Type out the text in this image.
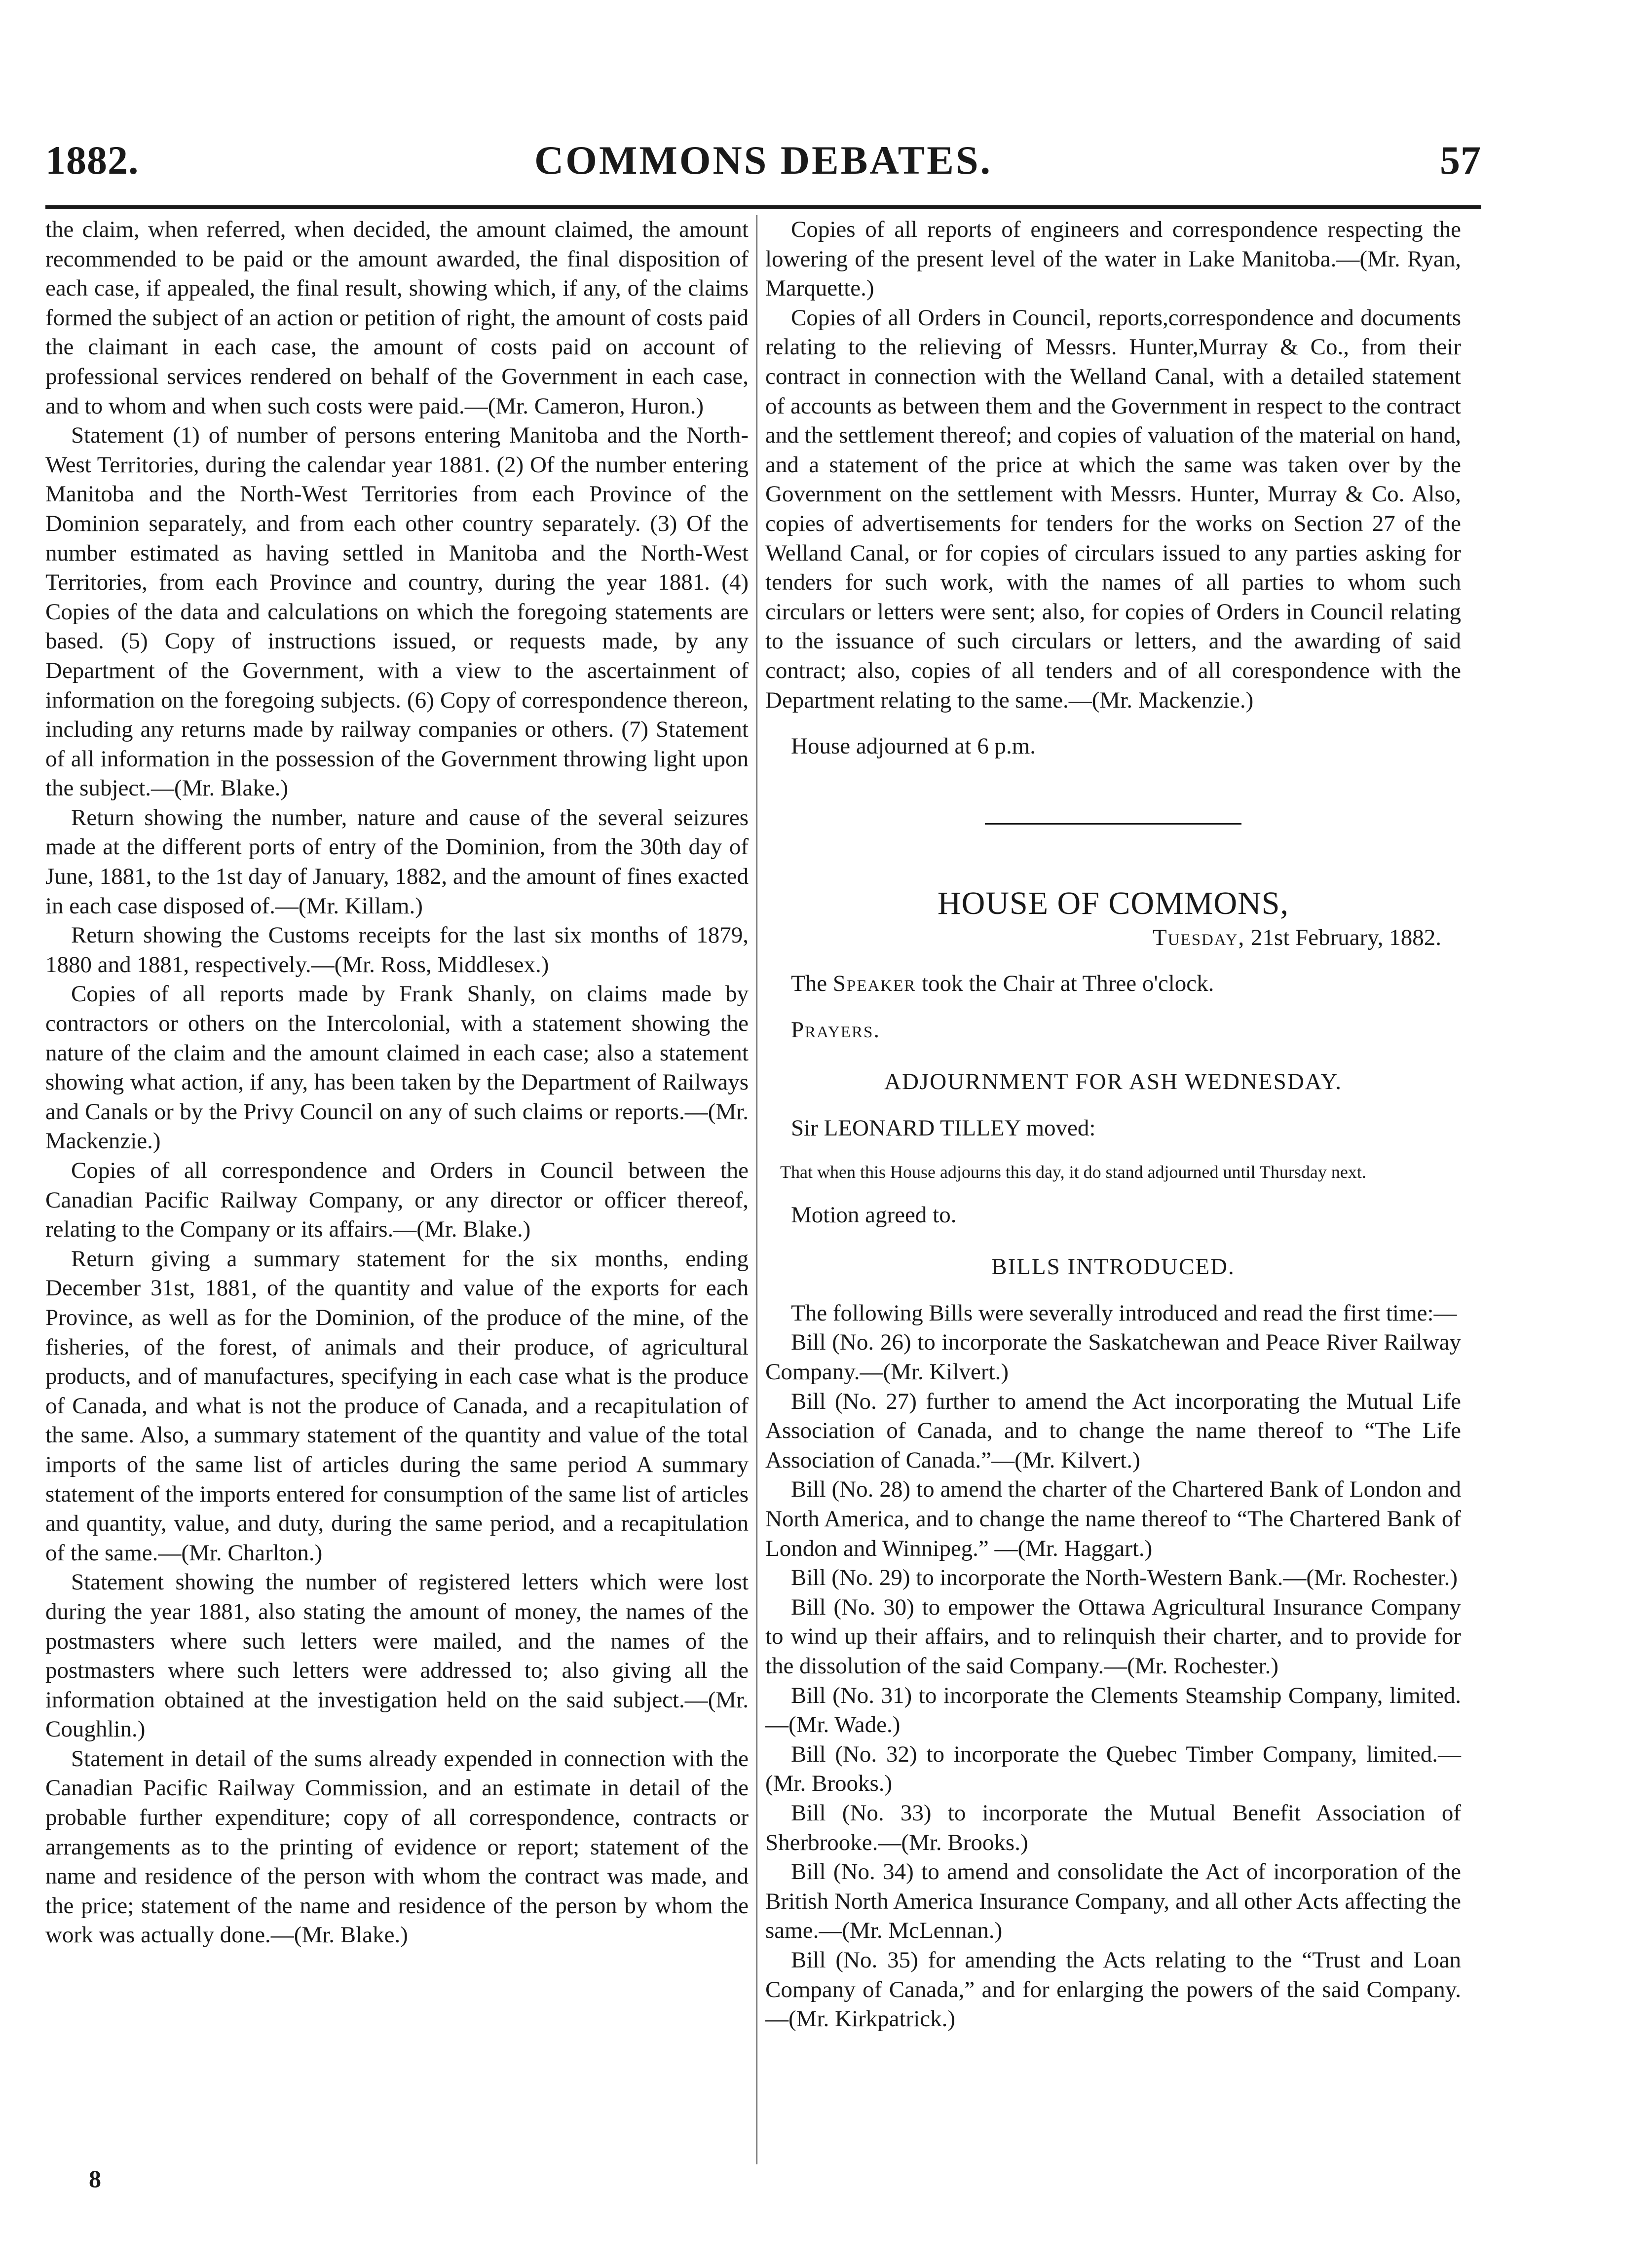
1882.	COMMONS DEBATES.	57

the claim, when referred, when decided, the amount claimed, the amount recommended to be paid or the amount awarded, the final disposition of each case, if appealed, the final result, showing which, if any, of the claims formed the subject of an action or petition of right, the amount of costs paid the claimant in each case, the amount of costs paid on account of professional services rendered on behalf of the Government in each case, and to whom and when such costs were paid.—(Mr. Cameron, Huron.)

Statement (1) of number of persons entering Manitoba and the North-West Territories, during the calendar year 1881. (2) Of the number entering Manitoba and the North-West Territories from each Province of the Dominion separately, and from each other country separately. (3) Of the number estimated as having settled in Manitoba and the North-West Territories, from each Province and country, during the year 1881. (4) Copies of the data and calculations on which the foregoing statements are based. (5) Copy of instructions issued, or requests made, by any Department of the Government, with a view to the ascertainment of information on the foregoing subjects. (6) Copy of correspondence thereon, including any returns made by railway companies or others. (7) Statement of all information in the possession of the Government throwing light upon the subject.—(Mr. Blake.)

Return showing the number, nature and cause of the several seizures made at the different ports of entry of the Dominion, from the 30th day of June, 1881, to the 1st day of January, 1882, and the amount of fines exacted in each case disposed of.—(Mr. Killam.)

Return showing the Customs receipts for the last six months of 1879, 1880 and 1881, respectively.—(Mr. Ross, Middlesex.)

Copies of all reports made by Frank Shanly, on claims made by contractors or others on the Intercolonial, with a statement showing the nature of the claim and the amount claimed in each case; also a statement showing what action, if any, has been taken by the Department of Railways and Canals or by the Privy Council on any of such claims or reports.—(Mr. Mackenzie.)

Copies of all correspondence and Orders in Council between the Canadian Pacific Railway Company, or any director or officer thereof, relating to the Company or its affairs.—(Mr. Blake.)

Return giving a summary statement for the six months, ending December 31st, 1881, of the quantity and value of the exports for each Province, as well as for the Dominion, of the produce of the mine, of the fisheries, of the forest, of animals and their produce, of agricultural products, and of manufactures, specifying in each case what is the produce of Canada, and what is not the produce of Canada, and a recapitulation of the same. Also, a summary statement of the quantity and value of the total imports of the same list of articles during the same period A summary statement of the imports entered for consumption of the same list of articles and quantity, value, and duty, during the same period, and a recapitulation of the same.—(Mr. Charlton.)

Statement showing the number of registered letters which were lost during the year 1881, also stating the amount of money, the names of the postmasters where such letters were mailed, and the names of the postmasters where such letters were addressed to; also giving all the information obtained at the investigation held on the said subject.—(Mr. Coughlin.)

Statement in detail of the sums already expended in connection with the Canadian Pacific Railway Commission, and an estimate in detail of the probable further expenditure; copy of all correspondence, contracts or arrangements as to the printing of evidence or report; statement of the name and residence of the person with whom the contract was made, and the price; statement of the name and residence of the person by whom the work was actually done.—(Mr. Blake.)

Copies of all reports of engineers and correspondence respecting the lowering of the present level of the water in Lake Manitoba.—(Mr. Ryan, Marquette.)

Copies of all Orders in Council, reports,correspondence and documents relating to the relieving of Messrs. Hunter,Murray & Co., from their contract in connection with the Welland Canal, with a detailed statement of accounts as between them and the Government in respect to the contract and the settlement thereof; and copies of valuation of the material on hand, and a statement of the price at which the same was taken over by the Government on the settlement with Messrs. Hunter, Murray & Co. Also, copies of advertisements for tenders for the works on Section 27 of the Welland Canal, or for copies of circulars issued to any parties asking for tenders for such work, with the names of all parties to whom such circulars or letters were sent; also, for copies of Orders in Council relating to the issuance of such circulars or letters, and the awarding of said contract; also, copies of all tenders and of all corespondence with the Department relating to the same.—(Mr. Mackenzie.)

House adjourned at 6 p.m.

HOUSE OF COMMONS,

Tuesday, 21st February, 1882.

The Speaker took the Chair at Three o'clock.

Prayers.

ADJOURNMENT FOR ASH WEDNESDAY.

Sir LEONARD TILLEY moved:

That when this House adjourns this day, it do stand adjourned until Thursday next.

Motion agreed to.

BILLS INTRODUCED.

The following Bills were severally introduced and read the first time:—

Bill (No. 26) to incorporate the Saskatchewan and Peace River Railway Company.—(Mr. Kilvert.)

Bill (No. 27) further to amend the Act incorporating the Mutual Life Association of Canada, and to change the name thereof to “The Life Association of Canada.”—(Mr. Kilvert.)

Bill (No. 28) to amend the charter of the Chartered Bank of London and North America, and to change the name thereof to “The Chartered Bank of London and Winnipeg.” —(Mr. Haggart.)

Bill (No. 29) to incorporate the North-Western Bank.—(Mr. Rochester.)

Bill (No. 30) to empower the Ottawa Agricultural Insurance Company to wind up their affairs, and to relinquish their charter, and to provide for the dissolution of the said Company.—(Mr. Rochester.)

Bill (No. 31) to incorporate the Clements Steamship Company, limited.—(Mr. Wade.)

Bill (No. 32) to incorporate the Quebec Timber Company, limited.—(Mr. Brooks.)

Bill (No. 33) to incorporate the Mutual Benefit Association of Sherbrooke.—(Mr. Brooks.)

Bill (No. 34) to amend and consolidate the Act of incorporation of the British North America Insurance Company, and all other Acts affecting the same.—(Mr. McLennan.)

Bill (No. 35) for amending the Acts relating to the “Trust and Loan Company of Canada,” and for enlarging the powers of the said Company.—(Mr. Kirkpatrick.)

8
